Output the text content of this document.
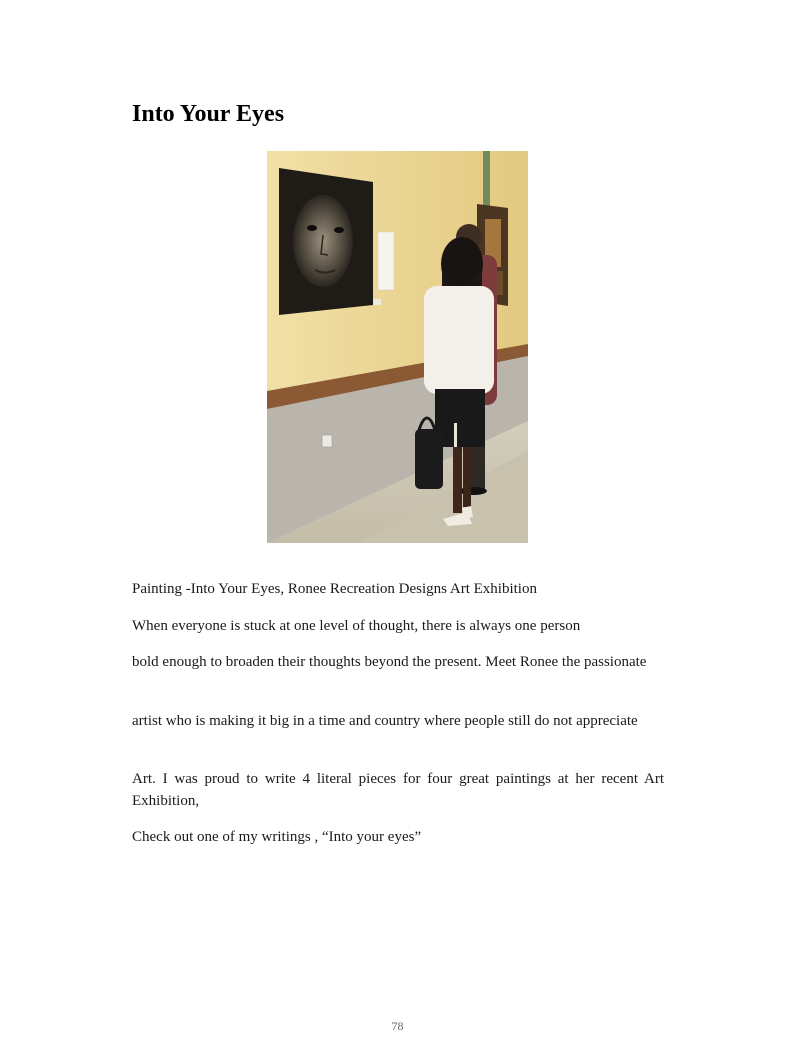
Into Your Eyes

Painting -Into Your Eyes, Ronee Recreation Designs Art Exhibition

When everyone is stuck at one level of thought, there is always one person

bold enough to broaden their thoughts beyond the present. Meet Ronee the passionate

artist who is making it big in a time and country where people still do not appreciate

Art. I was proud to write 4 literal pieces for four great paintings at her recent Art Exhibition,

Check out one of my writings , “Into your eyes”

78
